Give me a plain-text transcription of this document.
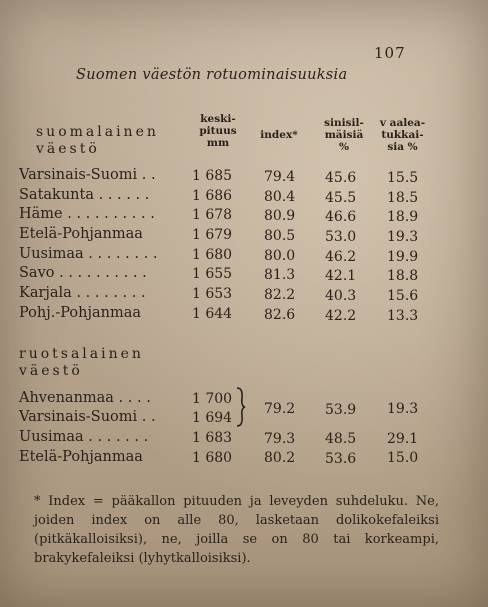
107
Suomen väestön rotuominaisuuksia
suomalainen
väestö
keski-
pituus
mm
index*
sinisil-
mäisiä
%
v aalea-
tukkai-
sia %
Varsinais-Suomi . .	1 685 79.4 45.6 15.5
Satakunta . . . . . .	1 686 80.4 45.5 18.5
Häme . . . . . . . . . .	1 678 80.9 46.6 18.9
Etelä-Pohjanmaa	1 679 80.5 53.0 19.3
Uusimaa . . . . . . . . 1 680 80.0 46.2 19.9
Savo . . . . . . . . . .	1 655 81.3 42.1 18.8
Karjala . . . . . . . .	1 653 82.2 40.3 15.6
Pohj.-Pohjanmaa	1 644 82.6 42.2 13.3
ruotsalainen
väestö
Ahvenanmaa . . . .	1 700
Varsinais-Suomi . .	1 694
79.2 53.9 19.3
Uusimaa . . . . . . .	1 683 79.3 48.5 29.1
Etelä-Pohjanmaa	1 680 80.2 53.6 15.0
* Index = pääkallon pituuden ja leveyden suhdeluku. Ne, joiden index on alle 80, lasketaan dolikokefaleiksi (pitkäkalloisiksi), ne, joilla se on 80 tai korkeampi, brakykefaleiksi (lyhytkalloisiksi).
